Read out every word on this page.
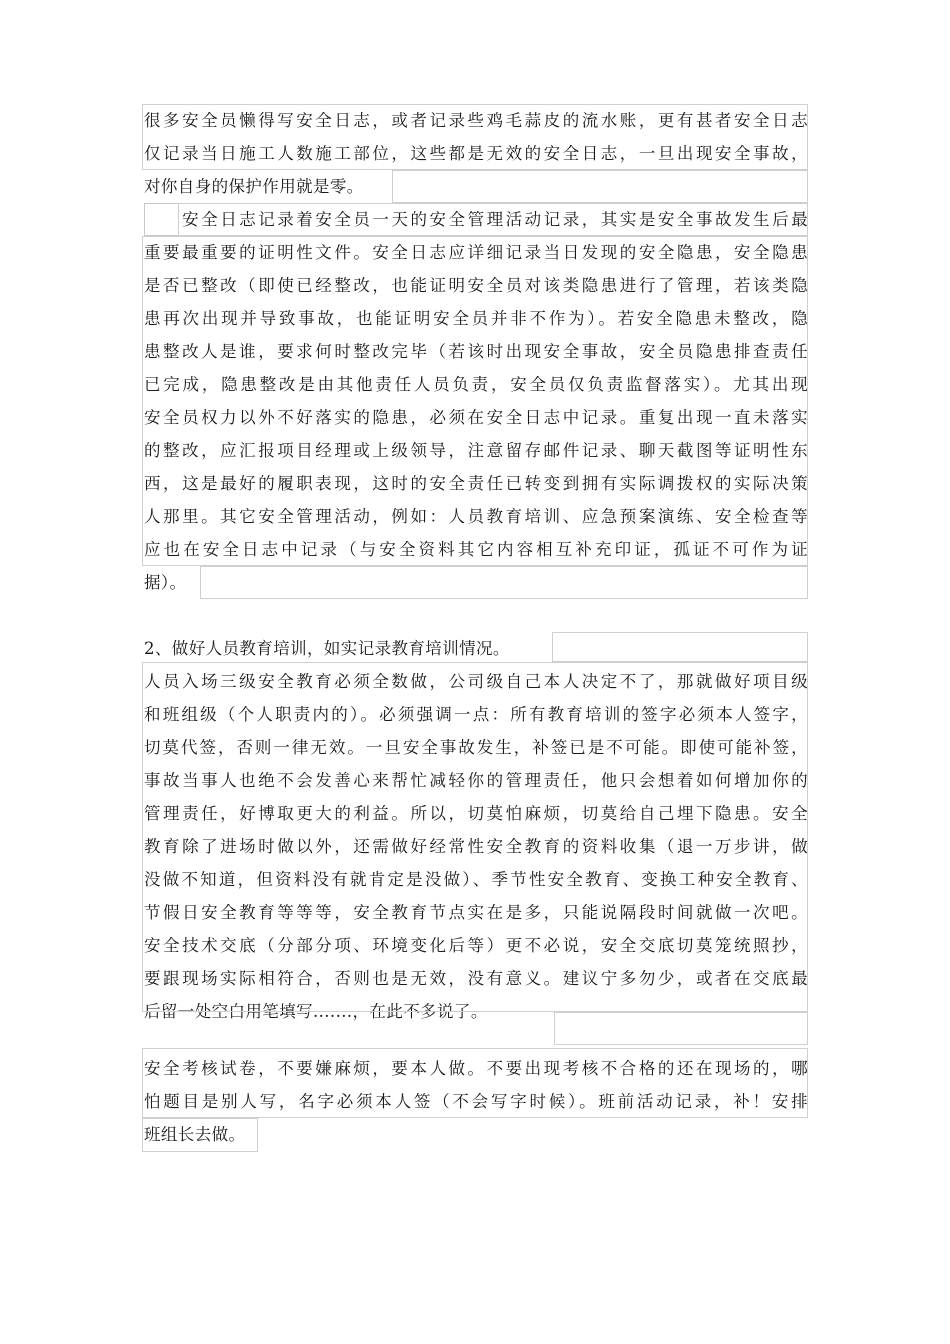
很多安全员懒得写安全日志，或者记录些鸡毛蒜皮的流水账，更有甚者安全日志
仅记录当日施工人数施工部位，这些都是无效的安全日志，一旦出现安全事故，
对你自身的保护作用就是零。
安全日志记录着安全员一天的安全管理活动记录，其实是安全事故发生后最
重要最重要的证明性文件。安全日志应详细记录当日发现的安全隐患，安全隐患
是否已整改（即使已经整改，也能证明安全员对该类隐患进行了管理，若该类隐
患再次出现并导致事故，也能证明安全员并非不作为）。若安全隐患未整改，隐
患整改人是谁，要求何时整改完毕（若该时出现安全事故，安全员隐患排查责任
已完成，隐患整改是由其他责任人员负责，安全员仅负责监督落实）。尤其出现
安全员权力以外不好落实的隐患，必须在安全日志中记录。重复出现一直未落实
的整改，应汇报项目经理或上级领导，注意留存邮件记录、聊天截图等证明性东
西，这是最好的履职表现，这时的安全责任已转变到拥有实际调拨权的实际决策
人那里。其它安全管理活动，例如：人员教育培训、应急预案演练、安全检查等
应也在安全日志中记录（与安全资料其它内容相互补充印证，孤证不可作为证
据）。
2、做好人员教育培训，如实记录教育培训情况。
人员入场三级安全教育必须全数做，公司级自己本人决定不了，那就做好项目级
和班组级（个人职责内的）。必须强调一点：所有教育培训的签字必须本人签字，
切莫代签，否则一律无效。一旦安全事故发生，补签已是不可能。即使可能补签，
事故当事人也绝不会发善心来帮忙减轻你的管理责任，他只会想着如何增加你的
管理责任，好博取更大的利益。所以，切莫怕麻烦，切莫给自己埋下隐患。安全
教育除了进场时做以外，还需做好经常性安全教育的资料收集（退一万步讲，做
没做不知道，但资料没有就肯定是没做）、季节性安全教育、变换工种安全教育、
节假日安全教育等等等，安全教育节点实在是多，只能说隔段时间就做一次吧。
安全技术交底（分部分项、环境变化后等）更不必说，安全交底切莫笼统照抄，
要跟现场实际相符合，否则也是无效，没有意义。建议宁多勿少，或者在交底最
后留一处空白用笔填写.......，在此不多说了。
安全考核试卷，不要嫌麻烦，要本人做。不要出现考核不合格的还在现场的，哪
怕题目是别人写，名字必须本人签（不会写字时候）。班前活动记录，补！安排
班组长去做。
